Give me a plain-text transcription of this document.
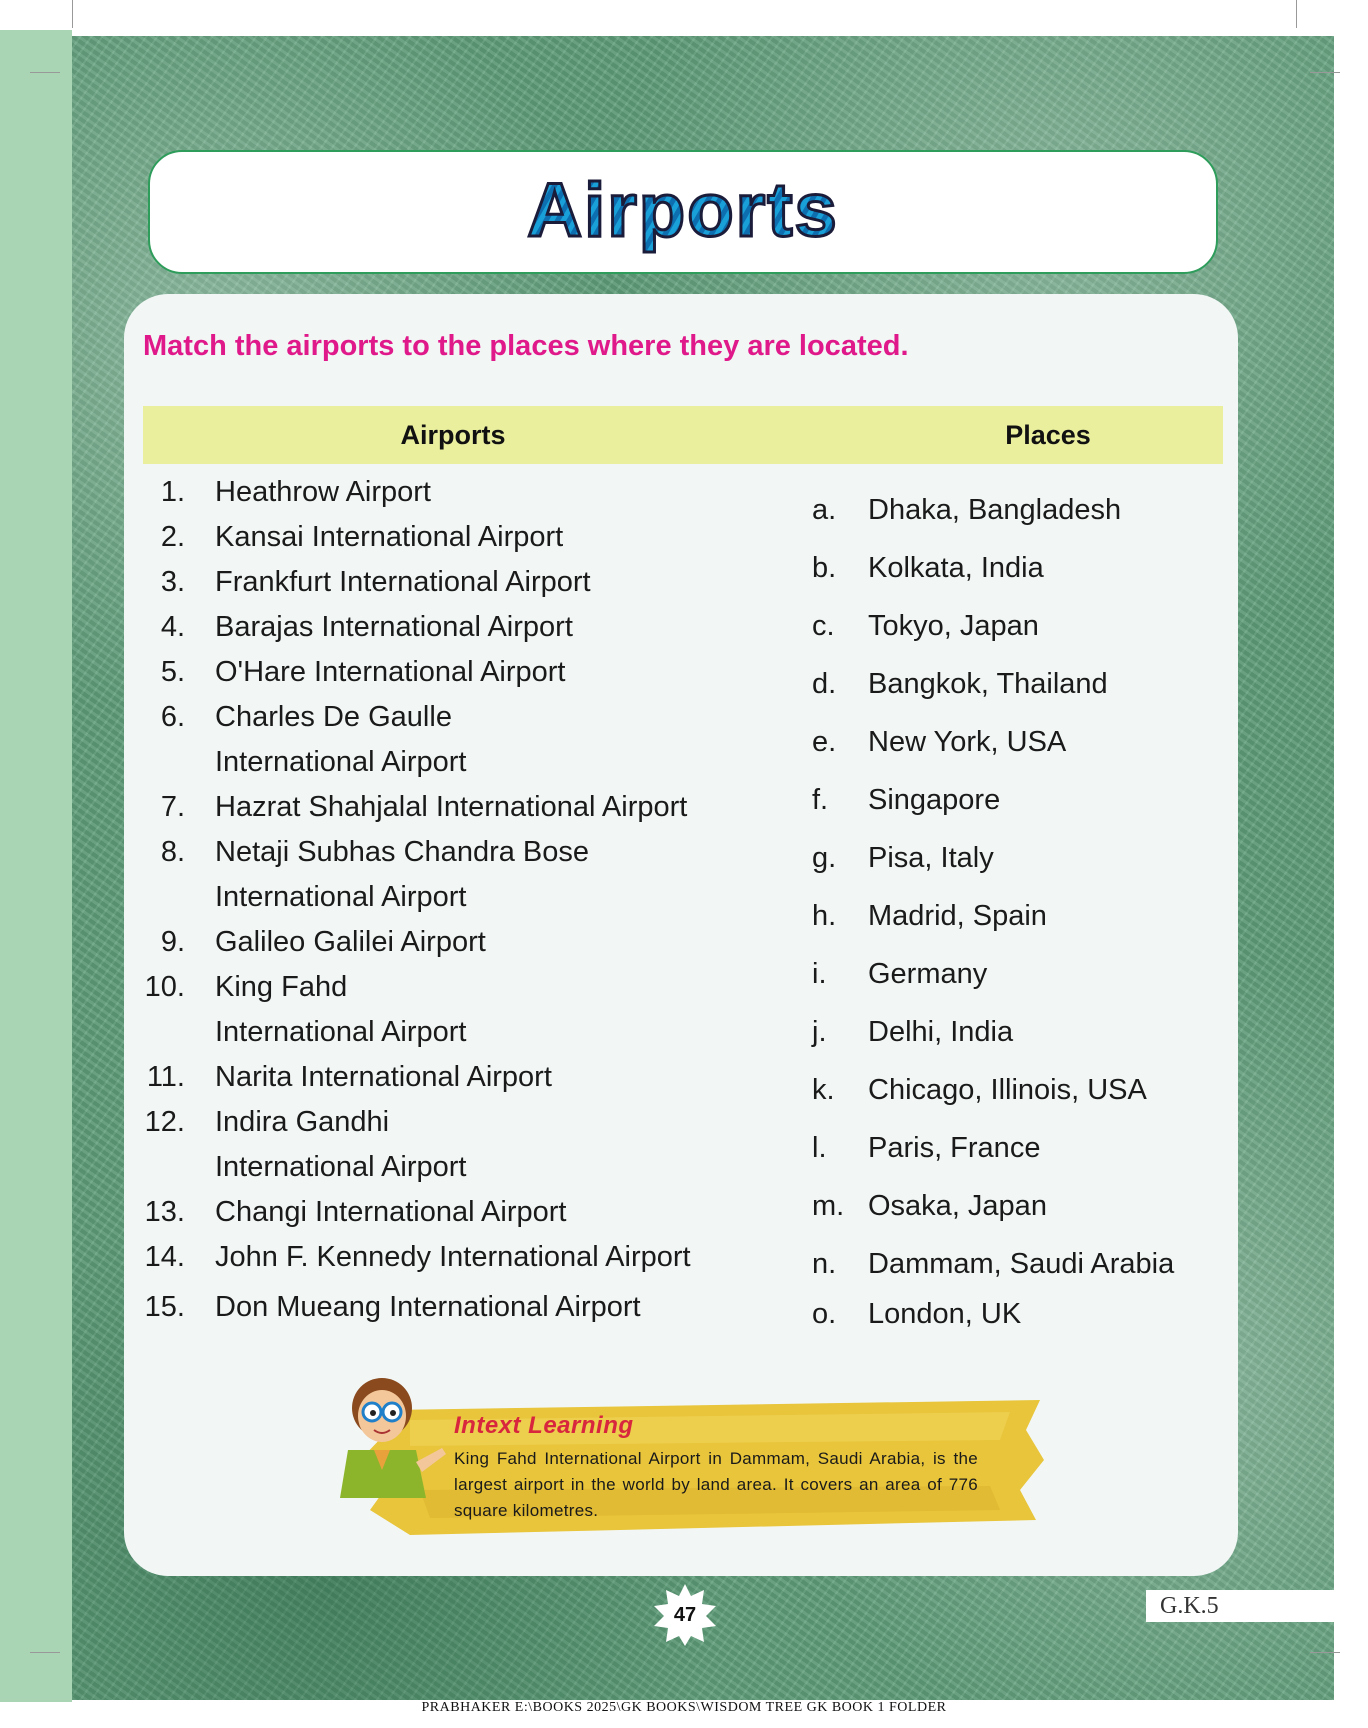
Airports
Match the airports to the places where they are located.
Airports	Places
1. Heathrow Airport
2. Kansai International Airport
3. Frankfurt International Airport
4. Barajas International Airport
5. O'Hare International Airport
6. Charles De Gaulle
International Airport
7. Hazrat Shahjalal International Airport
8. Netaji Subhas Chandra Bose
International Airport
9. Galileo Galilei Airport
10. King Fahd
International Airport
11. Narita International Airport
12. Indira Gandhi
International Airport
13. Changi International Airport
14. John F. Kennedy International Airport
15. Don Mueang International Airport
a. Dhaka, Bangladesh
b. Kolkata, India
c. Tokyo, Japan
d. Bangkok, Thailand
e. New York, USA
f. Singapore
g. Pisa, Italy
h. Madrid, Spain
i. Germany
j. Delhi, India
k. Chicago, Illinois, USA
l. Paris, France
m. Osaka, Japan
n. Dammam, Saudi Arabia
o. London, UK
Intext Learning
King Fahd International Airport in Dammam, Saudi Arabia, is the largest airport in the world by land area. It covers an area of 776 square kilometres.
47	G.K.5
PRABHAKER E:\BOOKS 2025\GK BOOKS\WISDOM TREE GK BOOK 1 FOLDER
